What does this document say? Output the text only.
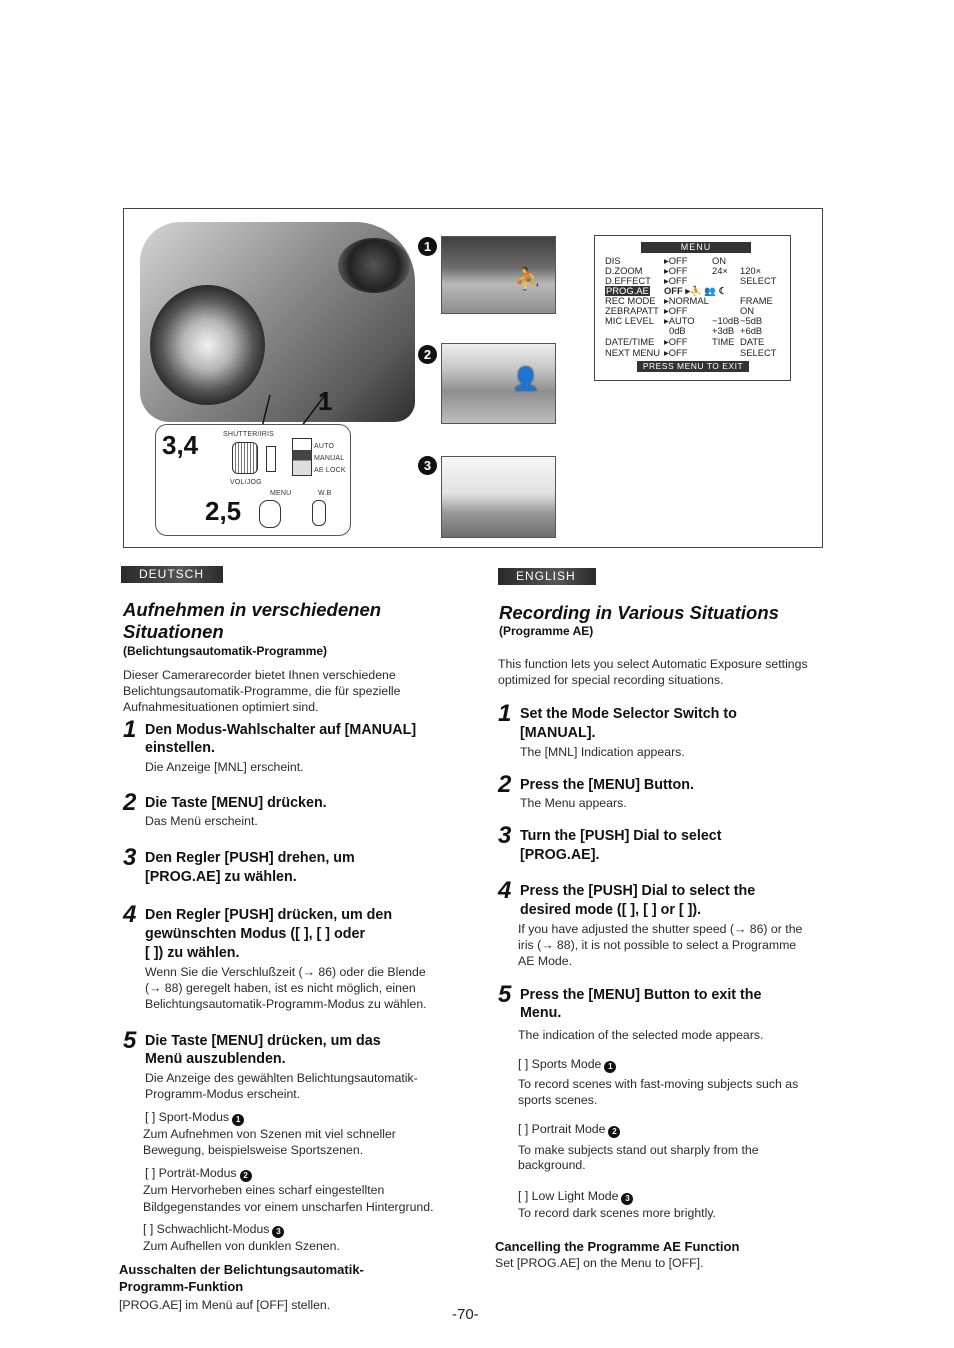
1
3,4	SHUTTER/IRIS
AUTO
MANUAL
AE LOCK
VOL/JOG
MENU	W.B
2,5
1
⛹
2
👤
3
MENU
DIS	▸OFF	ON
D.ZOOM ▸OFF	24× 120×
D.EFFECT ▸OFF	SELECT
PROG.AE OFF ▸⛹ 👥 ☾
REC MODE ▸NORMAL	FRAME
ZEBRAPATT ▸OFF	ON
MIC LEVEL ▸AUTO −10dB −5dB
0dB	+3dB +6dB
DATE/TIME ▸OFF	TIME DATE
NEXT MENU ▸OFF	SELECT
PRESS MENU TO EXIT
DEUTSCH
Aufnehmen in verschiedenen
Situationen
(Belichtungsautomatik-Programme)
Dieser Camerarecorder bietet Ihnen verschiedene
Belichtungsautomatik-Programme, die für spezielle
Aufnahmesituationen optimiert sind.
1 Den Modus-Wahlschalter auf [MANUAL]
einstellen.
Die Anzeige [MNL] erscheint.
2 Die Taste [MENU] drücken.
Das Menü erscheint.
3 Den Regler [PUSH] drehen, um
[PROG.AE] zu wählen.
4 Den Regler [PUSH] drücken, um den
gewünschten Modus ([ ], [ ] oder
[ ]) zu wählen.
Wenn Sie die Verschlußzeit (→ 86) oder die Blende
(→ 88) geregelt haben, ist es nicht möglich, einen
Belichtungsautomatik-Programm-Modus zu wählen.
5 Die Taste [MENU] drücken, um das
Menü auszublenden.
Die Anzeige des gewählten Belichtungsautomatik-
Programm-Modus erscheint.
[ ] Sport-Modus 1
Zum Aufnehmen von Szenen mit viel schneller
Bewegung, beispielsweise Sportszenen.
[ ] Porträt-Modus 2
Zum Hervorheben eines scharf eingestellten
Bildgegenstandes vor einem unscharfen Hintergrund.
[ ] Schwachlicht-Modus 3
Zum Aufhellen von dunklen Szenen.
Ausschalten der Belichtungsautomatik-
Programm-Funktion
[PROG.AE] im Menü auf [OFF] stellen.
ENGLISH
Recording in Various Situations
(Programme AE)
This function lets you select Automatic Exposure settings
optimized for special recording situations.
1 Set the Mode Selector Switch to
[MANUAL].
The [MNL] Indication appears.
2 Press the [MENU] Button.
The Menu appears.
3 Turn the [PUSH] Dial to select
[PROG.AE].
4 Press the [PUSH] Dial to select the
desired mode ([ ], [ ] or [ ]).
If you have adjusted the shutter speed (→ 86) or the
iris (→ 88), it is not possible to select a Programme
AE Mode.
5 Press the [MENU] Button to exit the
Menu.
The indication of the selected mode appears.
[ ] Sports Mode 1
To record scenes with fast-moving subjects such as
sports scenes.
[ ] Portrait Mode 2
To make subjects stand out sharply from the
background.
[ ] Low Light Mode 3
To record dark scenes more brightly.
Cancelling the Programme AE Function
Set [PROG.AE] on the Menu to [OFF].
-70-
